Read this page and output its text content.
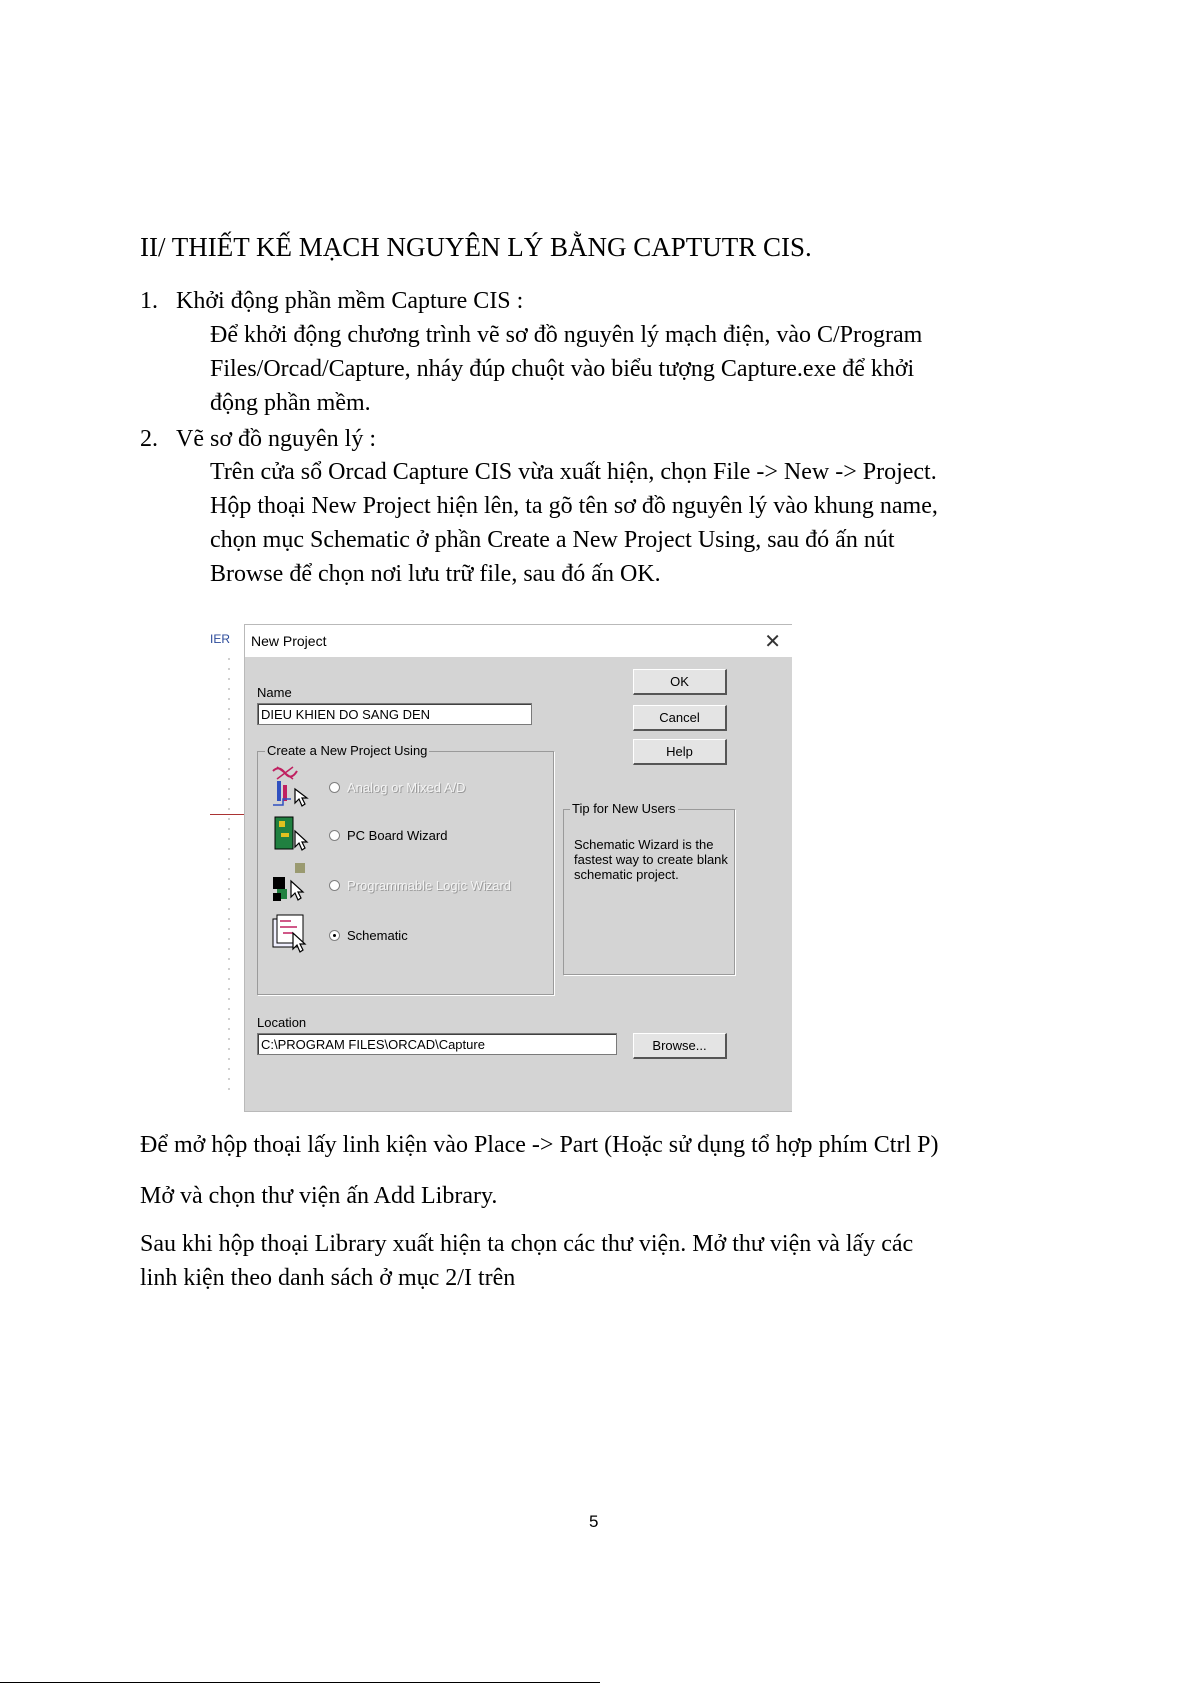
II/ THIẾT KẾ MẠCH NGUYÊN LÝ BẰNG CAPTUTR CIS.
1. Khởi động phần mềm Capture CIS :
Để khởi động chương trình vẽ sơ đồ nguyên lý mạch điện, vào C/Program
Files/Orcad/Capture, nháy đúp chuột vào biểu tượng Capture.exe để khởi
động phần mềm.
2. Vẽ sơ đồ nguyên lý :
Trên cửa sổ Orcad Capture CIS vừa xuất hiện, chọn File -> New -> Project.
Hộp thoại New Project hiện lên, ta gõ tên sơ đồ nguyên lý vào khung name,
chọn mục Schematic ở phần Create a New Project Using, sau đó ấn nút
Browse để chọn nơi lưu trữ file, sau đó ấn OK.
IER New Project	✕
Name
DIEU KHIEN DO SANG DEN
OK
Cancel
Help
Create a New Project Using
Analog or Mixed A/D
PC Board Wizard
Programmable Logic Wizard
Schematic
Tip for New Users
Schematic Wizard is the
fastest way to create blank
schematic project.
Location
C:\PROGRAM FILES\ORCAD\Capture	Browse...
Để mở hộp thoại lấy linh kiện vào Place -> Part (Hoặc sử dụng tổ hợp phím Ctrl P)
Mở và chọn thư viện ấn Add Library.
Sau khi hộp thoại Library xuất hiện ta chọn các thư viện. Mở thư viện và lấy các
linh kiện theo danh sách ở mục 2/I trên
5
